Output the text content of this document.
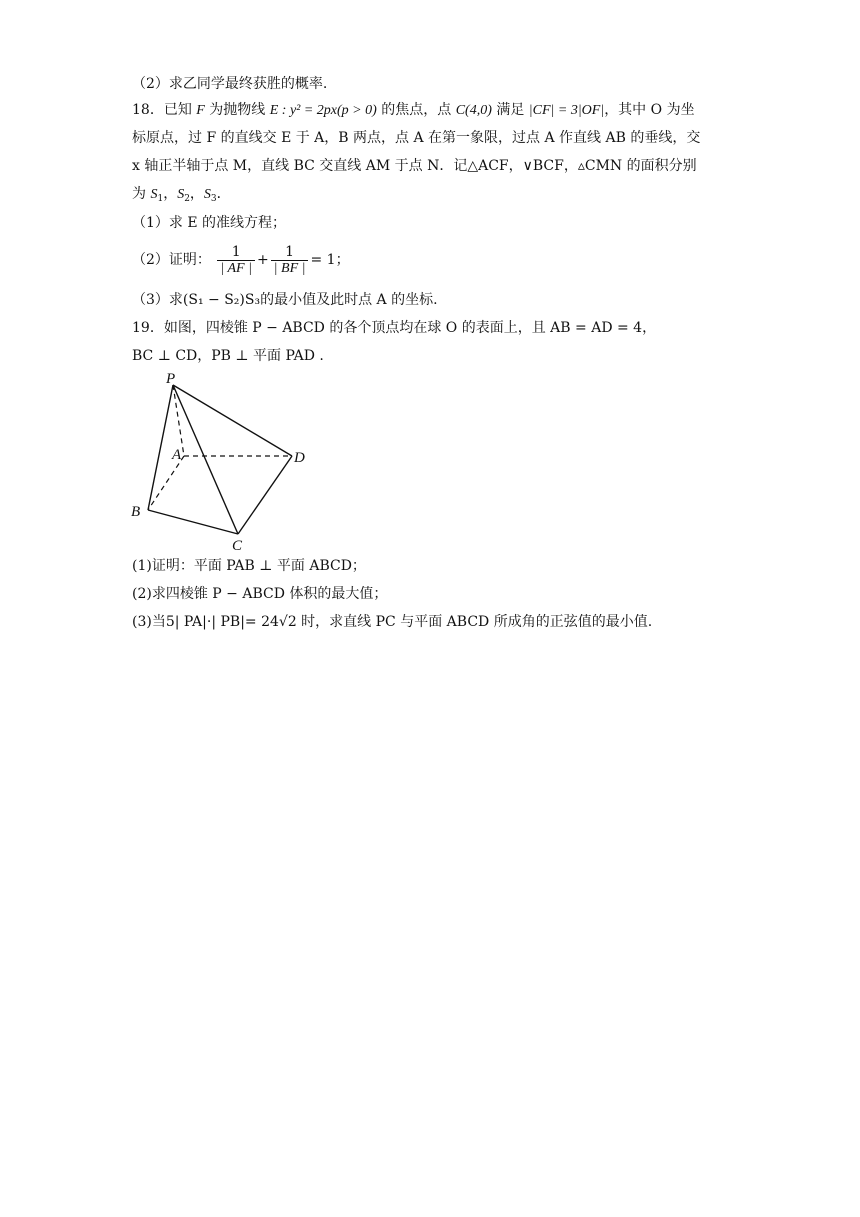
（2）求乙同学最终获胜的概率.
18．已知 F 为抛物线 E : y² = 2px(p > 0) 的焦点，点 C(4,0) 满足 |CF| = 3|OF|，其中 O 为坐
标原点，过 F 的直线交 E 于 A，B 两点，点 A 在第一象限，过点 A 作直线 AB 的垂线，交
x 轴正半轴于点 M，直线 BC 交直线 AM 于点 N．记△ACF，∨BCF，▵CMN 的面积分别
为 $S_1$，$S_2$，$S_3$．
（1）求 E 的准线方程；
（2）证明： $\frac{1}{| AF |} + \frac{1}{| BF |} = 1$；
（3）求(S₁ − S₂)S₃的最小值及此时点 A 的坐标.
19．如图，四棱锥 P − ABCD 的各个顶点均在球 O 的表面上，且 AB = AD = 4，
BC ⊥ CD，PB ⊥ 平面 PAD .
P
A
B
C
D
(1)证明：平面 PAB ⊥ 平面 ABCD；
(2)求四棱锥 P − ABCD 体积的最大值；
(3)当5| PA|·| PB|= 24√2 时，求直线 PC 与平面 ABCD 所成角的正弦值的最小值.
